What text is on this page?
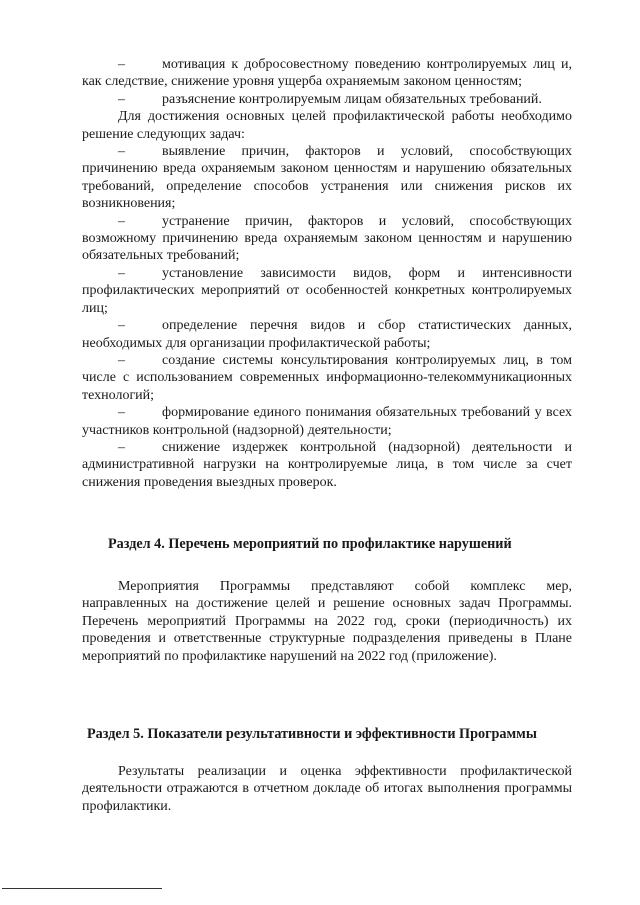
–	мотивация к добросовестному поведению контролируемых лиц и, как следствие, снижение уровня ущерба охраняемым законом ценностям;

–	разъяснение контролируемым лицам обязательных требований.

Для достижения основных целей профилактической работы необходимо решение следующих задач:

–	выявление причин, факторов и условий, способствующих причинению вреда охраняемым законом ценностям и нарушению обязательных требований, определение способов устранения или снижения рисков их возникновения;

–	устранение причин, факторов и условий, способствующих возможному причинению вреда охраняемым законом ценностям и нарушению обязательных требований;

–	установление зависимости видов, форм и интенсивности профилактических мероприятий от особенностей конкретных контролируемых лиц;

–	определение перечня видов и сбор статистических данных, необходимых для организации профилактической работы;

–	создание системы консультирования контролируемых лиц, в том числе с использованием современных информационно-телекоммуникационных технологий;

–	формирование единого понимания обязательных требований у всех участников контрольной (надзорной) деятельности;

–	снижение издержек контрольной (надзорной) деятельности и административной нагрузки на контролируемые лица, в том числе за счет снижения проведения выездных проверок.

Раздел 4. Перечень мероприятий по профилактике нарушений

Мероприятия Программы представляют собой комплекс мер, направленных на достижение целей и решение основных задач Программы. Перечень мероприятий Программы на 2022 год, сроки (периодичность) их проведения и ответственные структурные подразделения приведены в Плане мероприятий по профилактике нарушений на 2022 год (приложение).

Раздел 5. Показатели результативности и эффективности Программы

Результаты реализации и оценка эффективности профилактической деятельности отражаются в отчетном докладе об итогах выполнения программы профилактики.
